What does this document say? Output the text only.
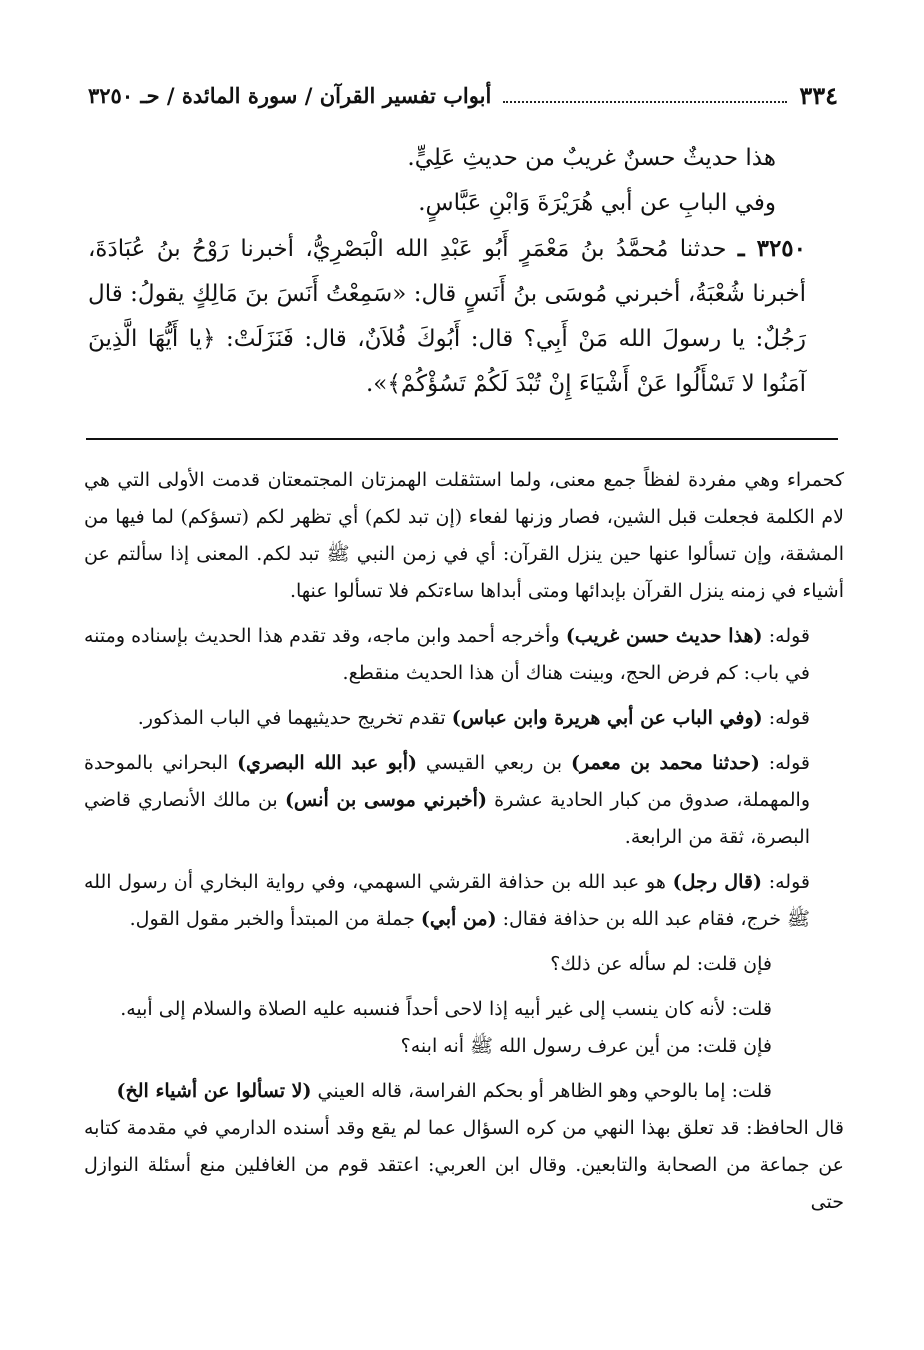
٣٣٤
أبواب تفسير القرآن / سورة المائدة / حـ ٣٢٥٠

هذا حديثٌ حسنٌ غريبٌ من حديثِ عَلِيٍّ.

وفي البابِ عن أبي هُرَيْرَةَ وَابْنِ عَبَّاسٍ.

٣٢٥٠ ـ حدثنا مُحمَّدُ بنُ مَعْمَرٍ أَبُو عَبْدِ الله الْبَصْرِيُّ، أخبرنا رَوْحُ بنُ عُبَادَةَ، أخبرنا شُعْبَةُ، أخبرني مُوسَى بنُ أَنَسٍ قال: «سَمِعْتُ أَنَسَ بنَ مَالِكٍ يقولُ: قال رَجُلٌ: يا رسولَ الله مَنْ أَبِي؟ قال: أَبُوكَ فُلاَنٌ، قال: فَنَزَلَتْ: ﴿يا أَيُّهَا الَّذِينَ آمَنُوا لا تَسْأَلُوا عَنْ أَشْيَاءَ إِنْ تُبْدَ لَكُمْ تَسُؤْكُمْ﴾».

كحمراء وهي مفردة لفظاً جمع معنى، ولما استثقلت الهمزتان المجتمعتان قدمت الأولى التي هي لام الكلمة فجعلت قبل الشين، فصار وزنها لفعاء (إن تبد لكم) أي تظهر لكم (تسؤكم) لما فيها من المشقة، وإن تسألوا عنها حين ينزل القرآن: أي في زمن النبي ﷺ تبد لكم. المعنى إذا سألتم عن أشياء في زمنه ينزل القرآن بإبدائها ومتى أبداها ساءتكم فلا تسألوا عنها.

قوله: (هذا حديث حسن غريب) وأخرجه أحمد وابن ماجه، وقد تقدم هذا الحديث بإسناده ومتنه في باب: كم فرض الحج، وبينت هناك أن هذا الحديث منقطع.

قوله: (وفي الباب عن أبي هريرة وابن عباس) تقدم تخريج حديثيهما في الباب المذكور.

قوله: (حدثنا محمد بن معمر) بن ربعي القيسي (أبو عبد الله البصري) البحراني بالموحدة والمهملة، صدوق من كبار الحادية عشرة (أخبرني موسى بن أنس) بن مالك الأنصاري قاضي البصرة، ثقة من الرابعة.

قوله: (قال رجل) هو عبد الله بن حذافة القرشي السهمي، وفي رواية البخاري أن رسول الله ﷺ خرج، فقام عبد الله بن حذافة فقال: (من أبي) جملة من المبتدأ والخبر مقول القول.

فإن قلت: لم سأله عن ذلك؟

قلت: لأنه كان ينسب إلى غير أبيه إذا لاحى أحداً فنسبه عليه الصلاة والسلام إلى أبيه.

فإن قلت: من أين عرف رسول الله ﷺ أنه ابنه؟

قلت: إما بالوحي وهو الظاهر أو بحكم الفراسة، قاله العيني (لا تسألوا عن أشياء الخ)

قال الحافظ: قد تعلق بهذا النهي من كره السؤال عما لم يقع وقد أسنده الدارمي في مقدمة كتابه عن جماعة من الصحابة والتابعين. وقال ابن العربي: اعتقد قوم من الغافلين منع أسئلة النوازل حتى
